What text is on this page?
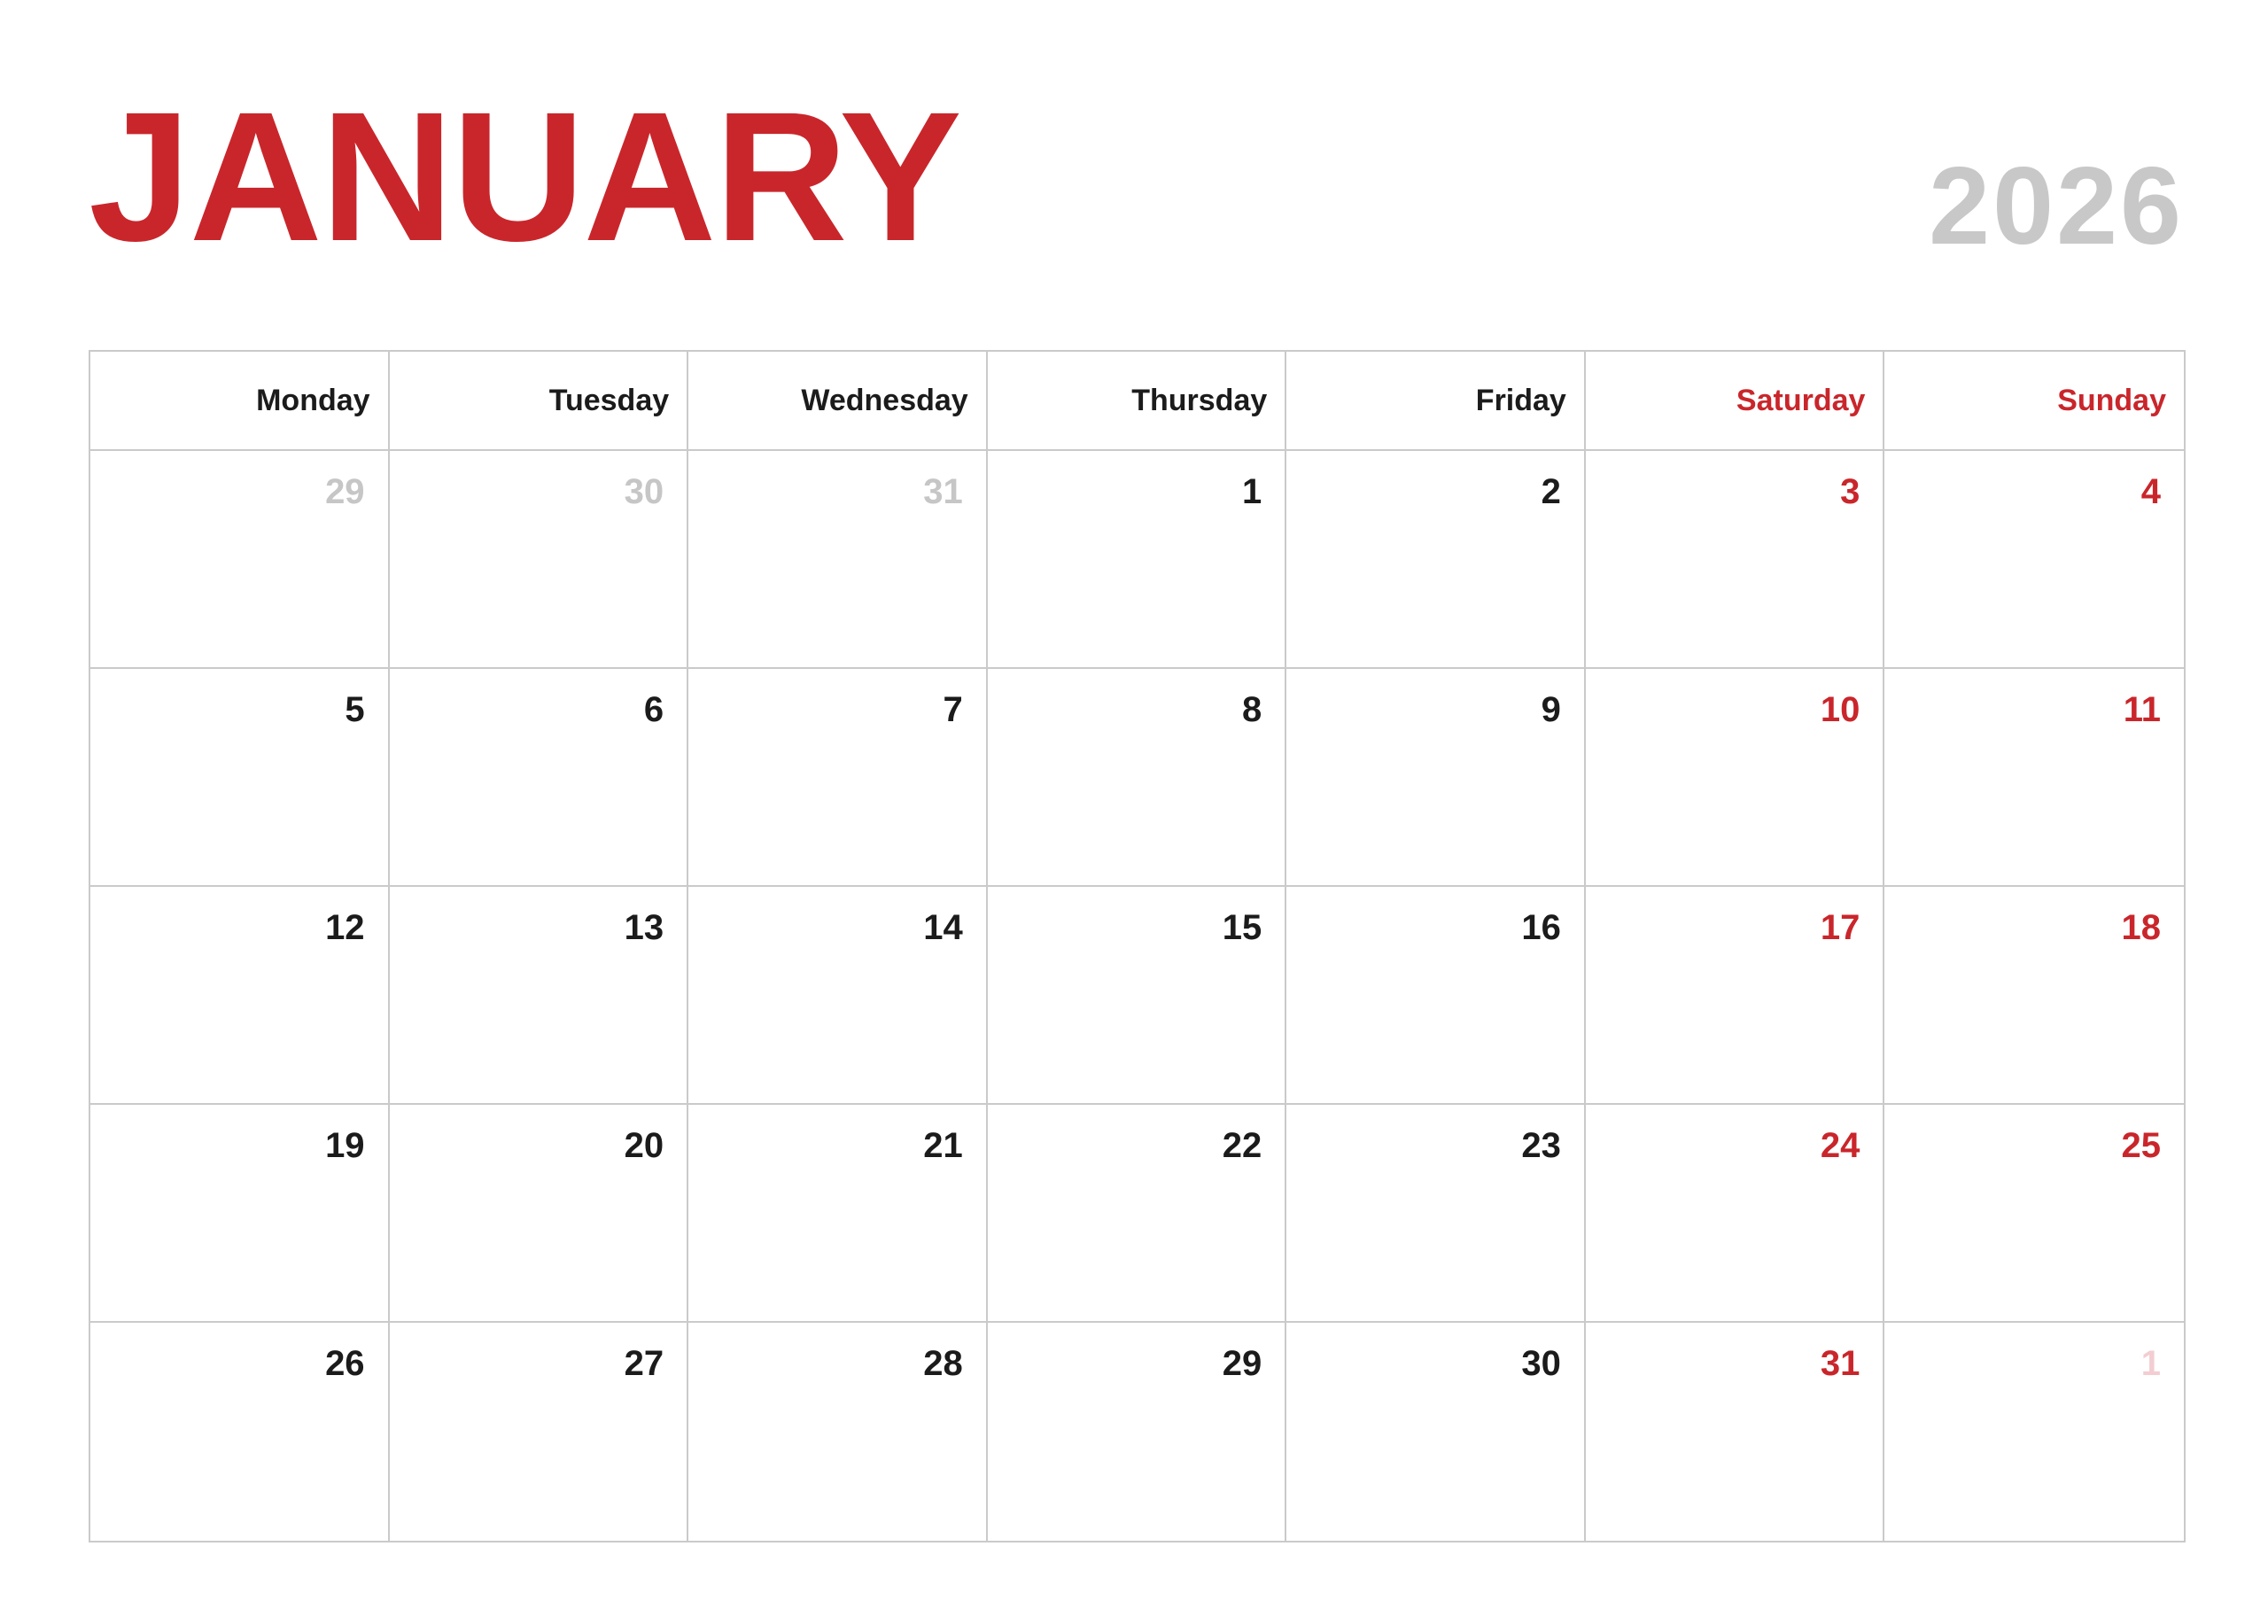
JANUARY	2026
Monday	Tuesday	Wednesday	Thursday	Friday	Saturday	Sunday
29	30	31	1	2	3	4
5	6	7	8	9	10	11
12	13	14	15	16	17	18
19	20	21	22	23	24	25
26	27	28	29	30	31	1
